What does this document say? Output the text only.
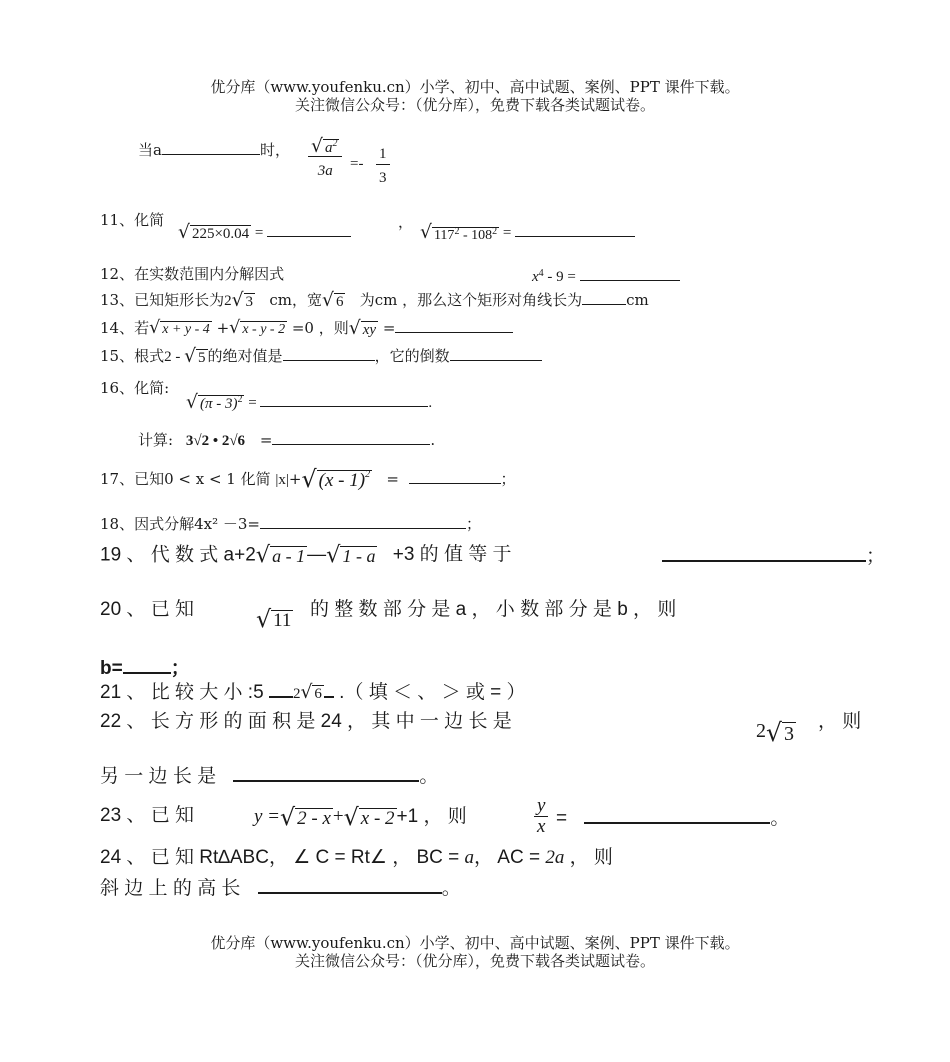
优分库（www.youfenku.cn）小学、初中、高中试题、案例、PPT 课件下载。
关注微信公众号：（优分库），免费下载各类试题试卷。
当a	时， $\frac{√ a^2}{3a} =- \frac{1}{3}$
11、化简
√ 225×0.04 =
，
√ $117^2 - 108^2$ =
12、在实数范围内分解因式	$x^4 - 9$ =
13、已知矩形长为2 √ 3 cm，宽 √ 6 为cm ，那么这个矩形对角线长为	cm
14、若 √ x + y - 4 + √ x - y - 2 =0 ，则 √ xy =
15、根式2 - √ 5 的绝对值是	，它的倒数
16、化简:
√ (π - 3)$^2$ =	.
计算: 3√2 • 2√6 =	.
17、已知0 < x < 1 化简 |x|+ √ (x - 1)$^2$ =	；
18、因式分解4x² －3=	；
19 、 代 数 式 a+2 √ a - 1 — √ 1 - a +3 的 值 等 于	；
20 、 已 知	√ 11
的 整 数 部 分 是 a ， 小 数 部 分 是 b ， 则
b=	；
21 、 比 较 大 小 :5 2 √ 6 .（ 填 ＜ 、 ＞ 或 = ）
22 、 长 方 形 的 面 积 是 24 ， 其 中 一 边 长 是	2 √ 3
， 则
另 一 边 长 是	。
23 、 已 知	y = √ 2 - x + √ x - 2 +1 ， 则	$\frac{y}{x}$ =	。
24 、 已 知 Rt∆ABC， ∠ C = Rt∠ ， BC = a， AC = 2a ， 则
斜 边 上 的 高 长	。
优分库（www.youfenku.cn）小学、初中、高中试题、案例、PPT 课件下载。
关注微信公众号：（优分库），免费下载各类试题试卷。
